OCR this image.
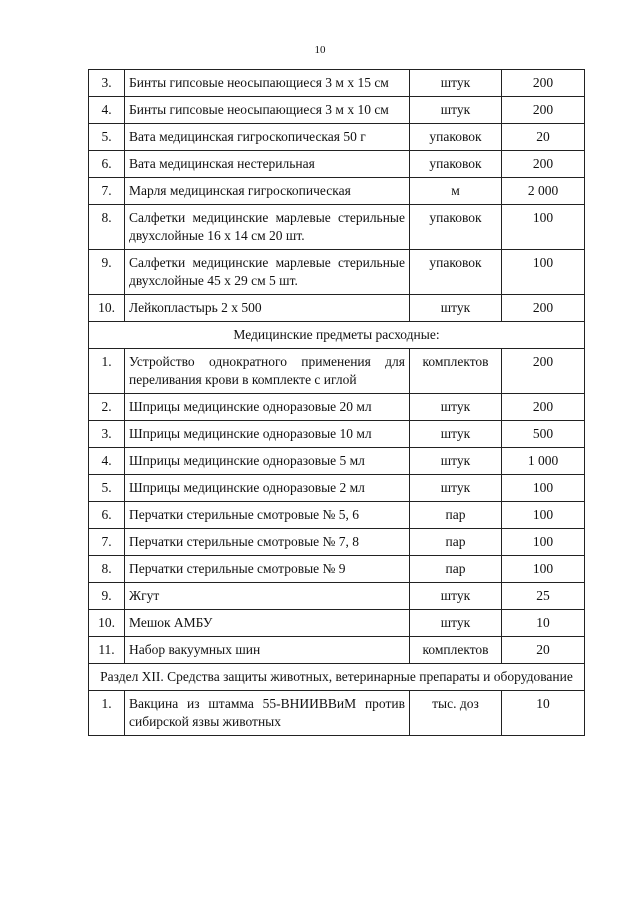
10
3.	Бинты гипсовые неосыпающиеся 3 м х 15 см	штук	200
4.	Бинты гипсовые неосыпающиеся 3 м х 10 см	штук	200
5.	Вата медицинская гигроскопическая 50 г	упаковок	20
6.	Вата медицинская нестерильная	упаковок	200
7.	Марля медицинская гигроскопическая	м	2 000
8.	Салфетки медицинские марлевые стерильные двухслойные 16 х 14 см 20 шт.	упаковок	100
9.	Салфетки медицинские марлевые стерильные двухслойные 45 х 29 см 5 шт.	упаковок	100
10.	Лейкопластырь 2 х 500	штук	200
Медицинские предметы расходные:			
1.	Устройство однократного применения для переливания крови в комплекте с иглой	комплектов	200
2.	Шприцы медицинские одноразовые 20 мл	штук	200
3.	Шприцы медицинские одноразовые 10 мл	штук	500
4.	Шприцы медицинские одноразовые 5 мл	штук	1 000
5.	Шприцы медицинские одноразовые 2 мл	штук	100
6.	Перчатки стерильные смотровые № 5, 6	пар	100
7.	Перчатки стерильные смотровые № 7, 8	пар	100
8.	Перчатки стерильные смотровые № 9	пар	100
9.	Жгут	штук	25
10.	Мешок АМБУ	штук	10
11.	Набор вакуумных шин	комплектов	20
Раздел XII. Средства защиты животных, ветеринарные препараты и оборудование			
1.	Вакцина из штамма 55-ВНИИВВиМ против сибирской язвы животных	тыс. доз	10
